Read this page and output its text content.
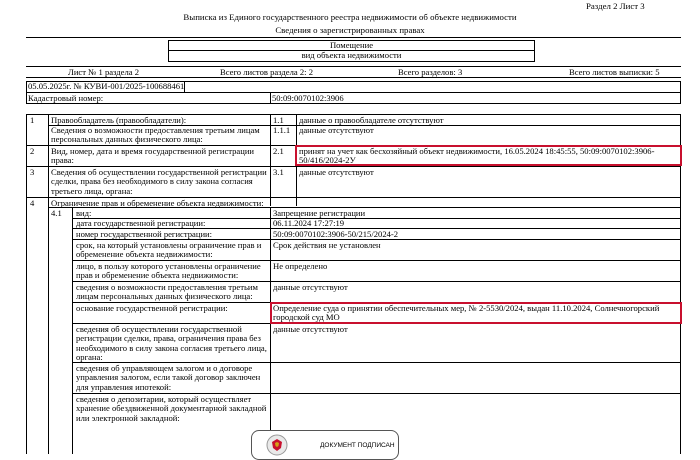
Раздел 2 Лист 3
Выписка из Единого государственного реестра недвижимости об объекте недвижимости
Сведения о зарегистрированных правах
Помещение
вид объекта недвижимости
Лист № 1 раздела 2	Всего листов раздела 2: 2	Всего разделов: 3	Всего листов выписки: 5
05.05.2025г. № КУВИ-001/2025-100688461
Кадастровый номер:	50:09:0070102:3906
1 Правообладатель (правообладатели):	1.1 данные о правообладателе отсутствуют
Сведения о возможности предоставления третьим лицам персональных данных физического лица:
1.1.1 данные отсутствуют
2 Вид, номер, дата и время государственной регистрации права:
2.1 принят на учет как бесхозяйный объект недвижимости, 16.05.2024 18:45:55, 50:09:0070102:3906-50/416/2024-2У
3 Сведения об осуществлении государственной регистрации сделки, права без необходимого в силу закона согласия третьего лица, органа:
3.1 данные отсутствуют
4 Ограничение прав и обременение объекта недвижимости:
4.1 вид:	Запрещение регистрации
дата государственной регистрации:	06.11.2024 17:27:19
номер государственной регистрации:	50:09:0070102:3906-50/215/2024-2
срок, на который установлены ограничение прав и обременение объекта недвижимости:
Срок действия не установлен
лицо, в пользу которого установлены ограничение прав и обременение объекта недвижимости:
Не определено
сведения о возможности предоставления третьим лицам персональных данных физического лица:
данные отсутствуют
основание государственной регистрации:	Определение суда о принятии обеспечительных мер, № 2-5530/2024, выдан 11.10.2024, Солнечногорский городской суд МО
сведения об осуществлении государственной регистрации сделки, права, ограничения права без необходимого в силу закона согласия третьего лица, органа:
данные отсутствуют
сведения об управляющем залогом и о договоре управления залогом, если такой договор заключен для управления ипотекой:
сведения о депозитарии, который осуществляет хранение обездвиженной документарной закладной или электронной закладной:
ДОКУМЕНТ ПОДПИСАН
